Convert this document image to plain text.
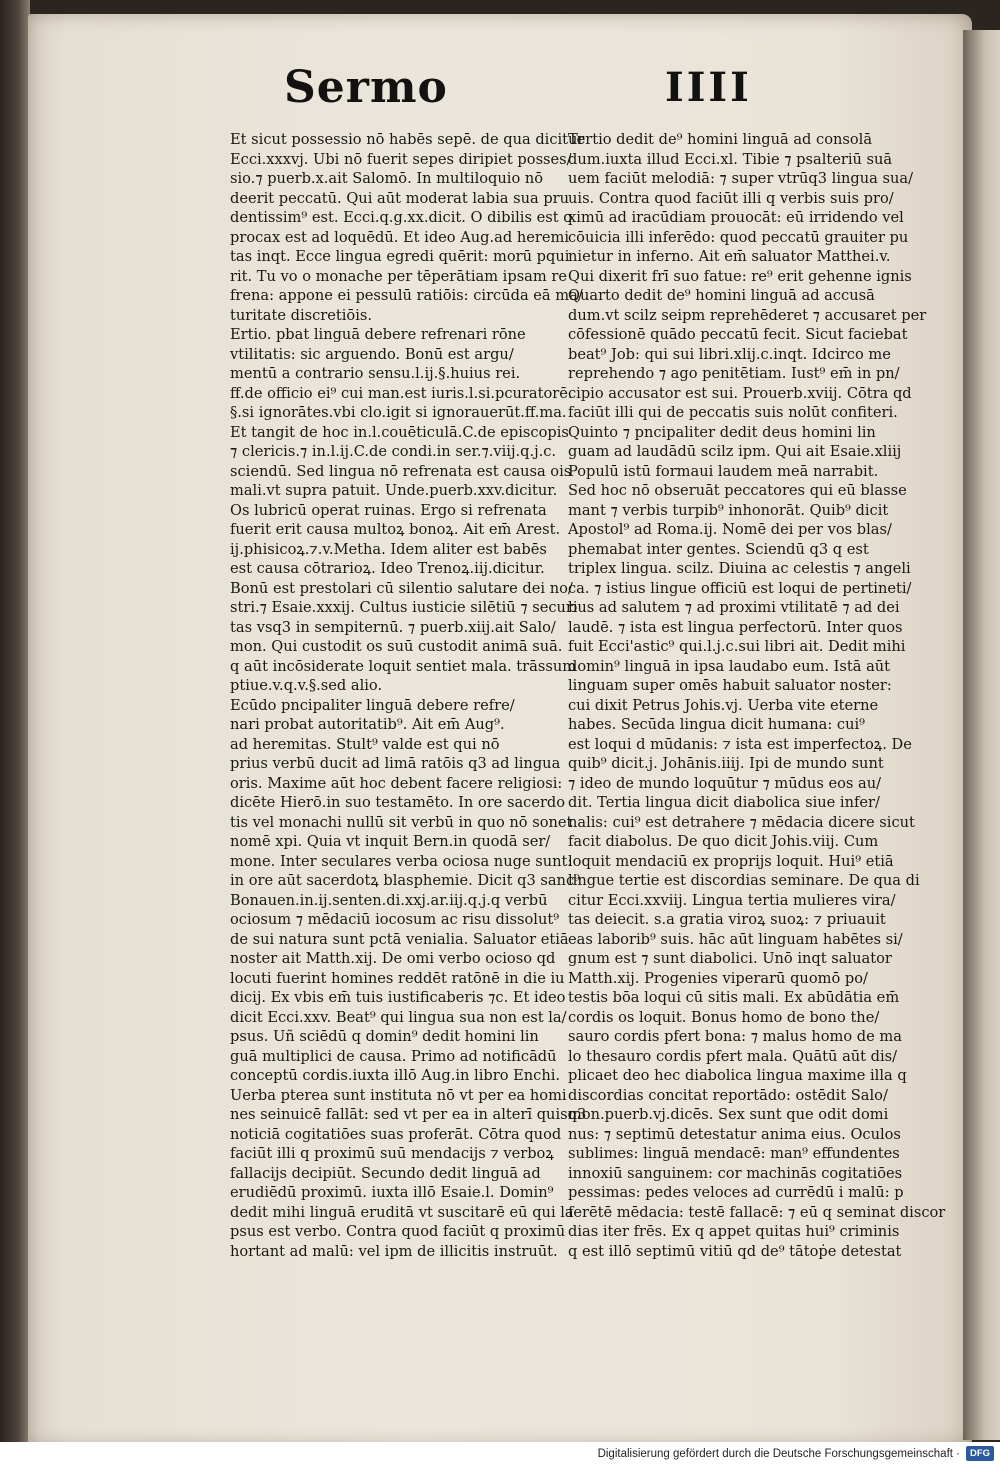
Sermo	IIII
Et sicut possessio nō habēs sepē. de qua dicitur
Ecci.xxxvj. Ubi nō fuerit sepes diripiet posses/
sio.⁊ puerb.x.ait Salomō. In multiloquio nō
deerit peccatū. Qui aūt moderat labia sua pru
dentissim⁹ est. Ecci.q.g.xx.dicit. O dibilis est q
procax est ad loquēdū. Et ideo Aug.ad heremi
tas inqt. Ecce lingua egredi quērit: morū pqui
rit. Tu vo o monache per tēperātiam ipsam re
frena: appone ei pessulū ratiōis: circūda eā ma/
turitate discretiōis.
Ertio. pbat linguā debere refrenari rōne
vtilitatis: sic arguendo. Bonū est argu/
mentū a contrario sensu.l.ij.§.huius rei.
ff.de officio ei⁹ cui man.est iuris.l.si.pcuratorē.
§.si ignorātes.vbi clo.igit si ignorauerūt.ff.ma.
Et tangit de hoc in.l.couēticulā.C.de episcopis
⁊ clericis.⁊ in.l.ij.C.de condi.in ser.⁊.viij.q.j.c.
sciendū. Sed lingua nō refrenata est causa ois
mali.vt supra patuit. Unde.puerb.xxv.dicitur.
Os lubricū operat ruinas. Ergo si refrenata
fuerit erit causa multoꝝ bonoꝝ. Ait em̄ Arest.
ij.phisicoꝝ.⁊.v.Metha. Idem aliter est babēs
est causa cōtrarioꝝ. Ideo Trenoꝝ.iij.dicitur.
Bonū est prestolari cū silentio salutare dei no/
stri.⁊ Esaie.xxxij. Cultus iusticie silētiū ⁊ securi
tas vsq3 in sempiternū. ⁊ puerb.xiij.ait Salo/
mon. Qui custodit os suū custodit animā suā.
q aūt incōsiderate loquit sentiet mala. trāssum
ptiue.v.q.v.§.sed alio.
Ecūdo pncipaliter linguā debere refre/
nari probat autoritatib⁹. Ait em̄ Aug⁹.
ad heremitas. Stult⁹ valde est qui nō
prius verbū ducit ad limā ratōis q3 ad lingua
oris. Maxime aūt hoc debent facere religiosi:
dicēte Hierō.in suo testamēto. In ore sacerdo
tis vel monachi nullū sit verbū in quo nō sonet
nomē xpi. Quia vt inquit Bern.in quodā ser/
mone. Inter seculares verba ociosa nuge sunt:
in ore aūt sacerdotꝝ blasphemie. Dicit q3 sanc⁹
Bonauen.in.ij.senten.di.xxj.ar.iij.q.j.q verbū
ociosum ⁊ mēdaciū iocosum ac risu dissolut⁹
de sui natura sunt pctā venialia. Saluator etiā
noster ait Matth.xij. De omi verbo ocioso qd
locuti fuerint homines reddēt ratōnē in die iu
dicij. Ex vbis em̄ tuis iustificaberis ⁊c. Et ideo
dicit Ecci.xxv. Beat⁹ qui lingua sua non est la/
psus. Uñ sciēdū q domin⁹ dedit homini lin
guā multiplici de causa. Primo ad notificādū
conceptū cordis.iuxta illō Aug.in libro Enchi.
Uerba pterea sunt instituta nō vt per ea homi
nes seinuicē fallāt: sed vt per ea in alterī quisq3
noticiā cogitatiōes suas proferāt. Cōtra quod
faciūt illi q proximū suū mendacijs ⁊ verboꝝ
fallacijs decipiūt. Secundo dedit linguā ad
erudiēdū proximū. iuxta illō Esaie.l. Domin⁹
dedit mihi linguā eruditā vt suscitarē eū qui la
psus est verbo. Contra quod faciūt q proximū
hortant ad malū: vel ipm de illicitis instruūt.
Tertio dedit de⁹ homini linguā ad consolā
dum.iuxta illud Ecci.xl. Tibie ⁊ psalteriū suā
uem faciūt melodiā: ⁊ super vtrūq3 lingua sua/
uis. Contra quod faciūt illi q verbis suis pro/
ximū ad iracūdiam prouocāt: eū irridendo vel
cōuicia illi inferēdo: quod peccatū grauiter pu
nietur in inferno. Ait em̄ saluator Matthei.v.
Qui dixerit frī suo fatue: re⁹ erit gehenne ignis
Quarto dedit de⁹ homini linguā ad accusā
dum.vt scilz seipm reprehēderet ⁊ accusaret per
cōfessionē quādo peccatū fecit. Sicut faciebat
beat⁹ Job: qui sui libri.xlij.c.inqt. Idcirco me
reprehendo ⁊ ago penitētiam. Iust⁹ em̄ in pn/
cipio accusator est sui. Prouerb.xviij. Cōtra qd
faciūt illi qui de peccatis suis nolūt confiteri.
Quinto ⁊ pncipaliter dedit deus homini lin
guam ad laudādū scilz ipm. Qui ait Esaie.xliij
Populū istū formaui laudem meā narrabit.
Sed hoc nō obseruāt peccatores qui eū blasse
mant ⁊ verbis turpib⁹ inhonorāt. Quib⁹ dicit
Apostol⁹ ad Roma.ij. Nomē dei per vos blas/
phemabat inter gentes. Sciendū q3 q est
triplex lingua. scilz. Diuina ac celestis ⁊ angeli
ca. ⁊ istius lingue officiū est loqui de pertineti/
bus ad salutem ⁊ ad proximi vtilitatē ⁊ ad dei
laudē. ⁊ ista est lingua perfectorū. Inter quos
fuit Ecci'astic⁹ qui.l.j.c.sui libri ait. Dedit mihi
domin⁹ linguā in ipsa laudabo eum. Istā aūt
linguam super omēs habuit saluator noster:
cui dixit Petrus Johis.vj. Uerba vite eterne
habes. Secūda lingua dicit humana: cui⁹
est loqui d mūdanis: ⁊ ista est imperfectoꝝ. De
quib⁹ dicit.j. Johānis.iiij. Ipi de mundo sunt
⁊ ideo de mundo loquūtur ⁊ mūdus eos au/
dit. Tertia lingua dicit diabolica siue infer/
nalis: cui⁹ est detrahere ⁊ mēdacia dicere sicut
facit diabolus. De quo dicit Johis.viij. Cum
loquit mendaciū ex proprijs loquit. Hui⁹ etiā
lingue tertie est discordias seminare. De qua di
citur Ecci.xxviij. Lingua tertia mulieres vira/
tas deiecit. s.a gratia viroꝝ suoꝝ: ⁊ priuauit
eas laborib⁹ suis. hāc aūt linguam habētes si/
gnum est ⁊ sunt diabolici. Unō inqt saluator
Matth.xij. Progenies viperarū quomō po/
testis bōa loqui cū sitis mali. Ex abūdātia em̄
cordis os loquit. Bonus homo de bono the/
sauro cordis pfert bona: ⁊ malus homo de ma
lo thesauro cordis pfert mala. Quātū aūt dis/
plicaet deo hec diabolica lingua maxime illa q
discordias concitat reportādo: ostēdit Salo/
mon.puerb.vj.dicēs. Sex sunt que odit domi
nus: ⁊ septimū detestatur anima eius. Oculos
sublimes: linguā mendacē: man⁹ effundentes
innoxiū sanguinem: cor machinās cogitatiōes
pessimas: pedes veloces ad currēdū i malū: p
ferētē mēdacia: testē fallacē: ⁊ eū q seminat discor
dias iter frēs. Ex q appet quitas hui⁹ criminis
q est illō septimū vitiū qd de⁹ tātoṗe detestat
Digitalisierung gefördert durch die Deutsche Forschungsgemeinschaft ·	DFG
